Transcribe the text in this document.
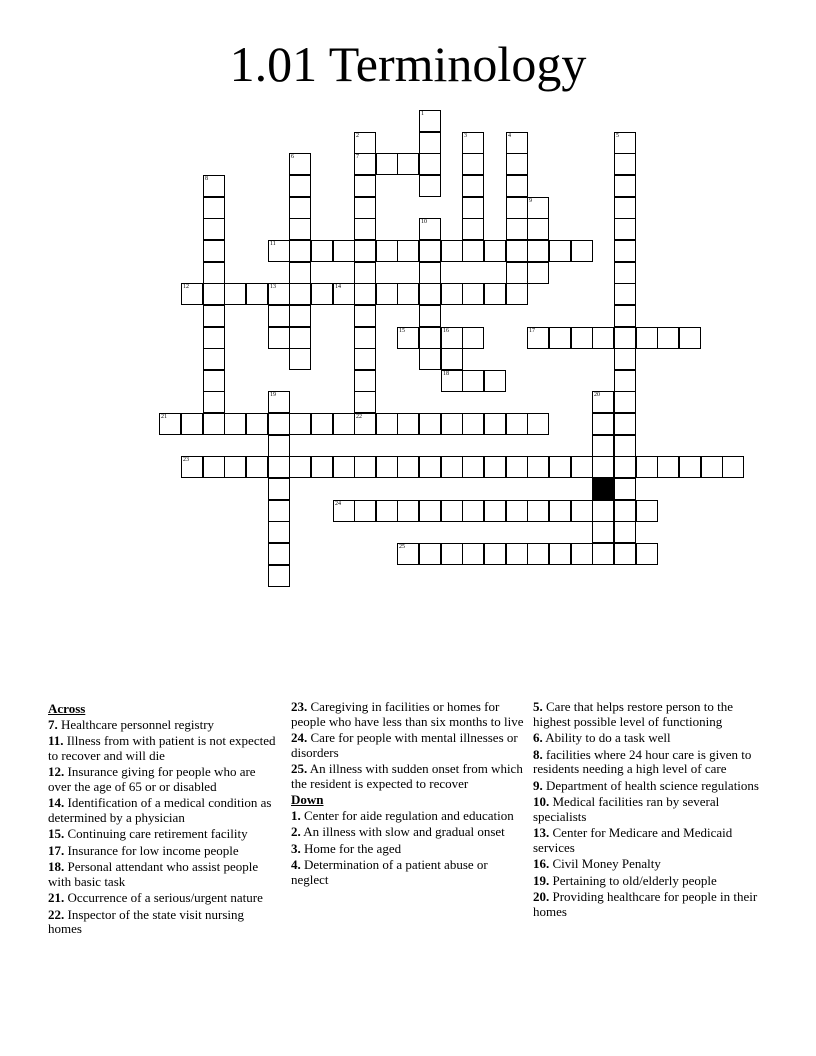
1.01 Terminology
1
2
7
3	4	5
6
8
9
10
11
12	13	14
15	16	17
18
19	20
21	22
23
24
25
Across
7. Healthcare personnel registry
11. Illness from with patient is not expected to recover and will die
12. Insurance giving for people who are over the age of 65 or or disabled
14. Identification of a medical condition as determined by a physician
15. Continuing care retirement facility
17. Insurance for low income people
18. Personal attendant who assist people with basic task
21. Occurrence of a serious/urgent nature
22. Inspector of the state visit nursing homes
23. Caregiving in facilities or homes for people who have less than six months to live
24. Care for people with mental illnesses or disorders
25. An illness with sudden onset from which the resident is expected to recover
Down
1. Center for aide regulation and education
2. An illness with slow and gradual onset
3. Home for the aged
4. Determination of a patient abuse or neglect
5. Care that helps restore person to the highest possible level of functioning
6. Ability to do a task well
8. facilities where 24 hour care is given to residents needing a high level of care
9. Department of health science regulations
10. Medical facilities ran by several specialists
13. Center for Medicare and Medicaid services
16. Civil Money Penalty
19. Pertaining to old/elderly people
20. Providing healthcare for people in their homes
